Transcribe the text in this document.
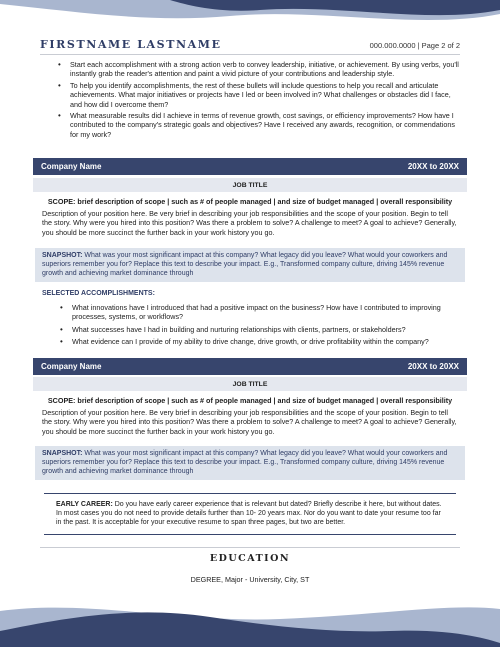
FIRSTNAME LASTNAME	000.000.0000 | Page 2 of 2
• Start each accomplishment with a strong action verb to convey leadership, initiative, or achievement. By using verbs, you'll instantly grab the reader's attention and paint a vivid picture of your contributions and leadership style.
• To help you identify accomplishments, the rest of these bullets will include questions to help you recall and articulate achievements. What major initiatives or projects have I led or been involved in? What challenges or obstacles did I face, and how did I overcome them?
• What measurable results did I achieve in terms of revenue growth, cost savings, or efficiency improvements? How have I contributed to the company's strategic goals and objectives? Have I received any awards, recognition, or commendations for my work?
Company Name	20XX to 20XX
JOB TITLE
SCOPE: brief description of scope | such as # of people managed | and size of budget managed | overall responsibility
Description of your position here. Be very brief in describing your job responsibilities and the scope of your position. Begin to tell the story. Why were you hired into this position? Was there a problem to solve? A challenge to meet? A goal to achieve? Generally, you should be more succinct the further back in your work history you go.
SNAPSHOT: What was your most significant impact at this company? What legacy did you leave? What would your coworkers and superiors remember you for? Replace this text to describe your impact. E.g., Transformed company culture, driving 145% revenue growth and achieving market dominance through
SELECTED ACCOMPLISHMENTS:
• What innovations have I introduced that had a positive impact on the business? How have I contributed to improving processes, systems, or workflows?
• What successes have I had in building and nurturing relationships with clients, partners, or stakeholders?
• What evidence can I provide of my ability to drive change, drive growth, or drive profitability within the company?
Company Name	20XX to 20XX
JOB TITLE
SCOPE: brief description of scope | such as # of people managed | and size of budget managed | overall responsibility
Description of your position here. Be very brief in describing your job responsibilities and the scope of your position. Begin to tell the story. Why were you hired into this position? Was there a problem to solve? A challenge to meet? A goal to achieve? Generally, you should be more succinct the further back in your work history you go.
SNAPSHOT: What was your most significant impact at this company? What legacy did you leave? What would your coworkers and superiors remember you for? Replace this text to describe your impact. E.g., Transformed company culture, driving 145% revenue growth and achieving market dominance through
EARLY CAREER: Do you have early career experience that is relevant but dated? Briefly describe it here, but without dates. In most cases you do not need to provide details further than 10- 20 years max. Nor do you want to date your resume too far in the past. It is acceptable for your executive resume to span three pages, but two are better.
EDUCATION
DEGREE, Major - University, City, ST
